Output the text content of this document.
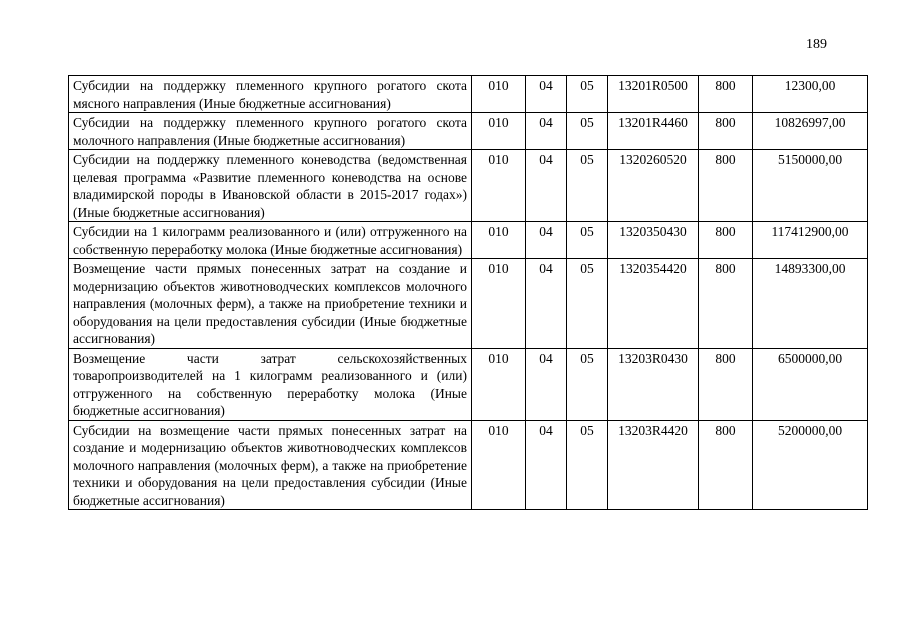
189
Субсидии на поддержку племенного крупного рогатого скота мясного направления (Иные бюджетные ассигнования)	010	04	05	13201R0500	800	12300,00
Субсидии на поддержку племенного крупного рогатого скота молочного направления (Иные бюджетные ассигнования)	010	04	05	13201R4460	800	10826997,00
Субсидии на поддержку племенного коневодства (ведомственная целевая программа «Развитие племенного коневодства на основе владимирской породы в Ивановской области в 2015-2017 годах») (Иные бюджетные ассигнования)	010	04	05	1320260520	800	5150000,00
Субсидии на 1 килограмм реализованного и (или) отгруженного на собственную переработку молока (Иные бюджетные ассигнования)	010	04	05	1320350430	800	117412900,00
Возмещение части прямых понесенных затрат на создание и модернизацию объектов животноводческих комплексов молочного направления (молочных ферм), а также на приобретение техники и оборудования на цели предоставления субсидии (Иные бюджетные ассигнования)	010	04	05	1320354420	800	14893300,00
Возмещение части затрат сельскохозяйственных товаропроизводителей на 1 килограмм реализованного и (или) отгруженного на собственную переработку молока (Иные бюджетные ассигнования)	010	04	05	13203R0430	800	6500000,00
Субсидии на возмещение части прямых понесенных затрат на создание и модернизацию объектов животноводческих комплексов молочного направления (молочных ферм), а также на приобретение техники и оборудования на цели предоставления субсидии (Иные бюджетные ассигнования)	010	04	05	13203R4420	800	5200000,00
